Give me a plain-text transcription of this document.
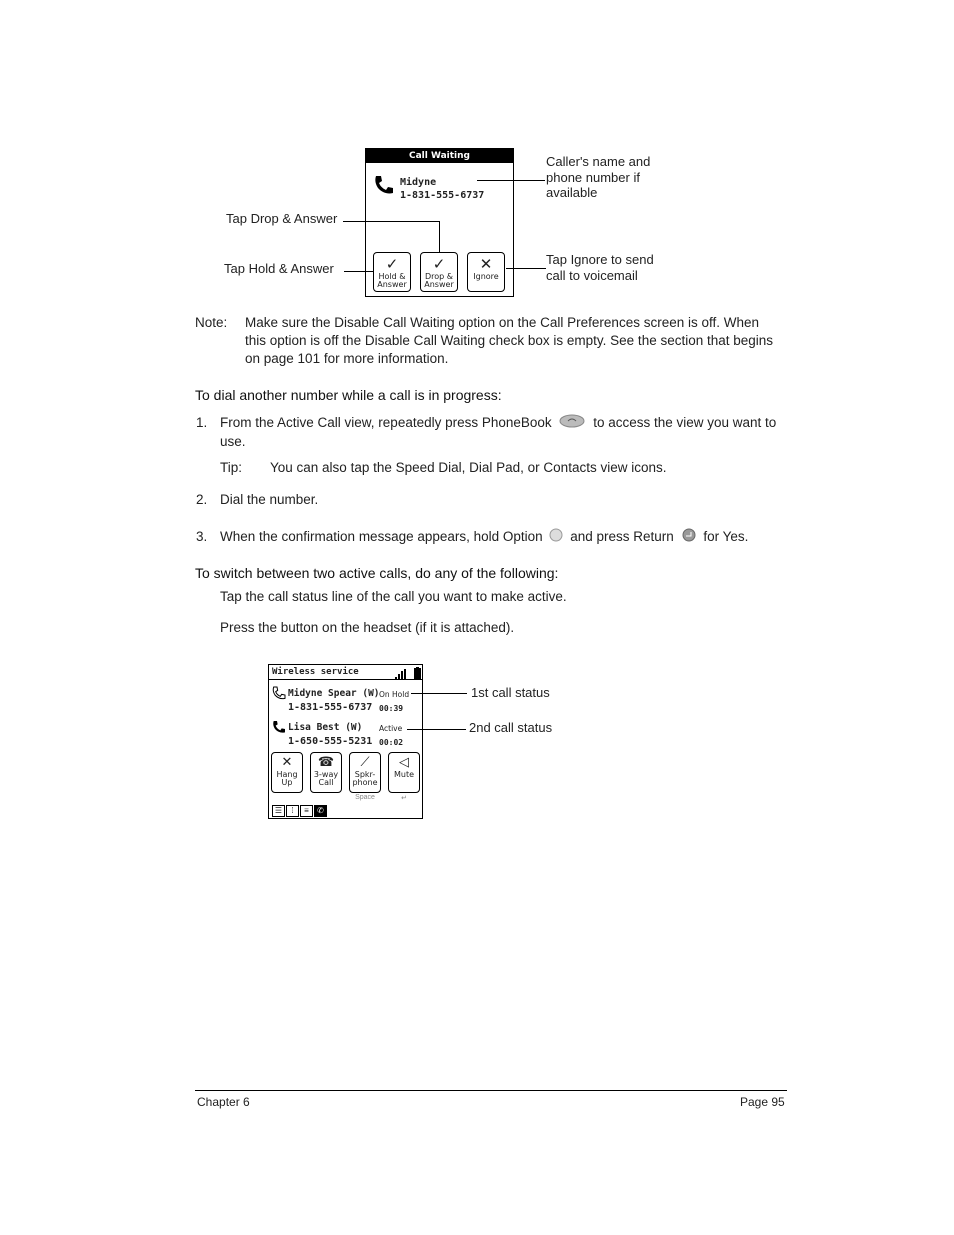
Call Waiting
Midyne
1-831-555-6737
✓
Hold &
Answer
✓
Drop &
Answer
✕
Ignore
Caller's name and
phone number if
available
Tap Drop & Answer
Tap Hold & Answer
Tap Ignore to send
call to voicemail
Note: Make sure the Disable Call Waiting option on the Call Preferences screen is off. When
this option is off the Disable Call Waiting check box is empty. See the section that begins
on page 101 for more information.
To dial another number while a call is in progress:
1. From the Active Call view, repeatedly press PhoneBook	to access the view you want to
use.
Tip: You can also tap the Speed Dial, Dial Pad, or Contacts view icons.
2. Dial the number.
3. When the confirmation message appears, hold Option and press Return for Yes.
To switch between two active calls, do any of the following:
Tap the call status line of the call you want to make active.
Press the button on the headset (if it is attached).
Wireless service
Midyne Spear (W)
1-831-555-6737
On Hold
00:39
Lisa Best (W)
1-650-555-5231
Active
00:02
✕
Hang
Up
☎
3-way
Call
⟋
Spkr-
phone
◁
Mute
Space	↵
☰	⁞	≡	✆
1st call status
2nd call status
Chapter 6	Page 95
